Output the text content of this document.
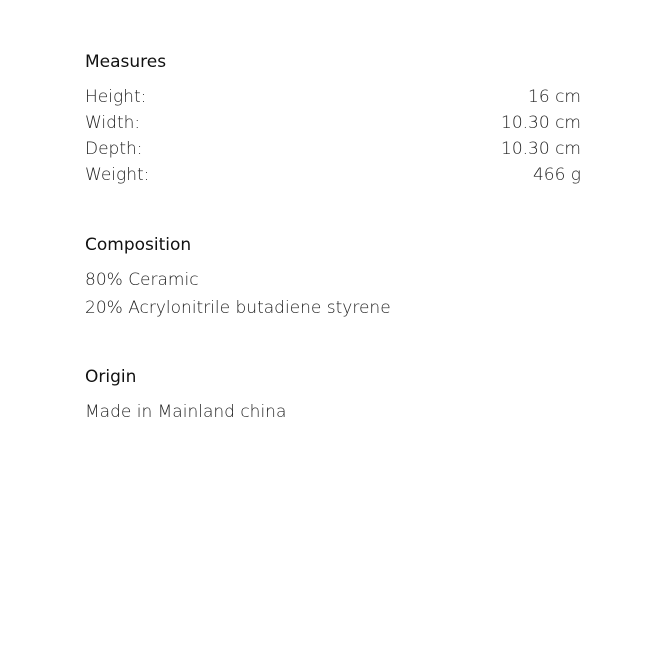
Measures
Height:	16 cm
Width:	10.30 cm
Depth:	10.30 cm
Weight:	466 g
Composition
80% Ceramic
20% Acrylonitrile butadiene styrene
Origin
Made in Mainland china
